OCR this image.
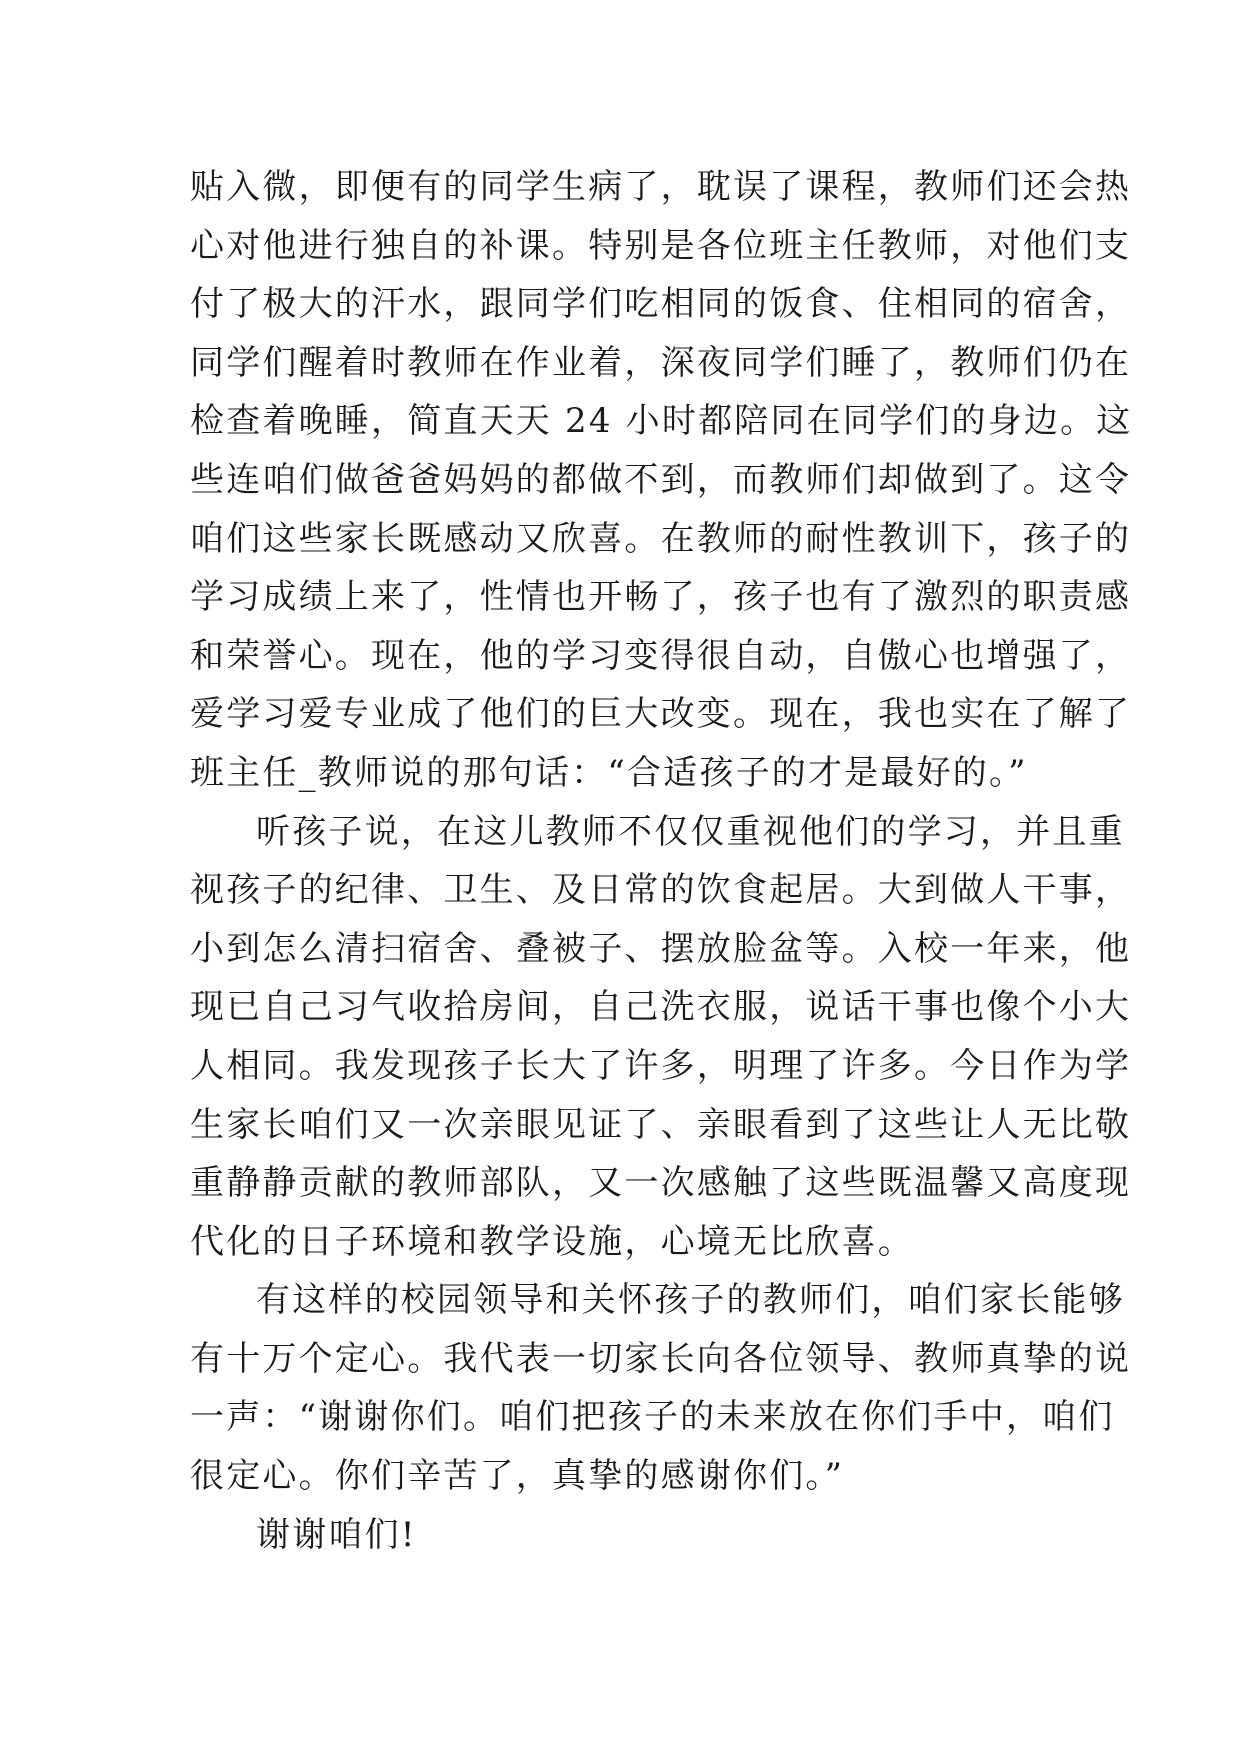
贴入微，即便有的同学生病了，耽误了课程，教师们还会热
心对他进行独自的补课。特别是各位班主任教师，对他们支
付了极大的汗水，跟同学们吃相同的饭食、住相同的宿舍，
同学们醒着时教师在作业着，深夜同学们睡了，教师们仍在
检查着晚睡，简直天天 24 小时都陪同在同学们的身边。这
些连咱们做爸爸妈妈的都做不到，而教师们却做到了。这令
咱们这些家长既感动又欣喜。在教师的耐性教训下，孩子的
学习成绩上来了，性情也开畅了，孩子也有了激烈的职责感
和荣誉心。现在，他的学习变得很自动，自傲心也增强了，
爱学习爱专业成了他们的巨大改变。现在，我也实在了解了
班主任_教师说的那句话：“合适孩子的才是最好的。”
听孩子说，在这儿教师不仅仅重视他们的学习，并且重
视孩子的纪律、卫生、及日常的饮食起居。大到做人干事，
小到怎么清扫宿舍、叠被子、摆放脸盆等。入校一年来，他
现已自己习气收拾房间，自己洗衣服，说话干事也像个小大
人相同。我发现孩子长大了许多，明理了许多。今日作为学
生家长咱们又一次亲眼见证了、亲眼看到了这些让人无比敬
重静静贡献的教师部队，又一次感触了这些既温馨又高度现
代化的日子环境和教学设施，心境无比欣喜。
有这样的校园领导和关怀孩子的教师们，咱们家长能够
有十万个定心。我代表一切家长向各位领导、教师真挚的说
一声：“谢谢你们。咱们把孩子的未来放在你们手中，咱们
很定心。你们辛苦了，真挚的感谢你们。”
谢谢咱们!
